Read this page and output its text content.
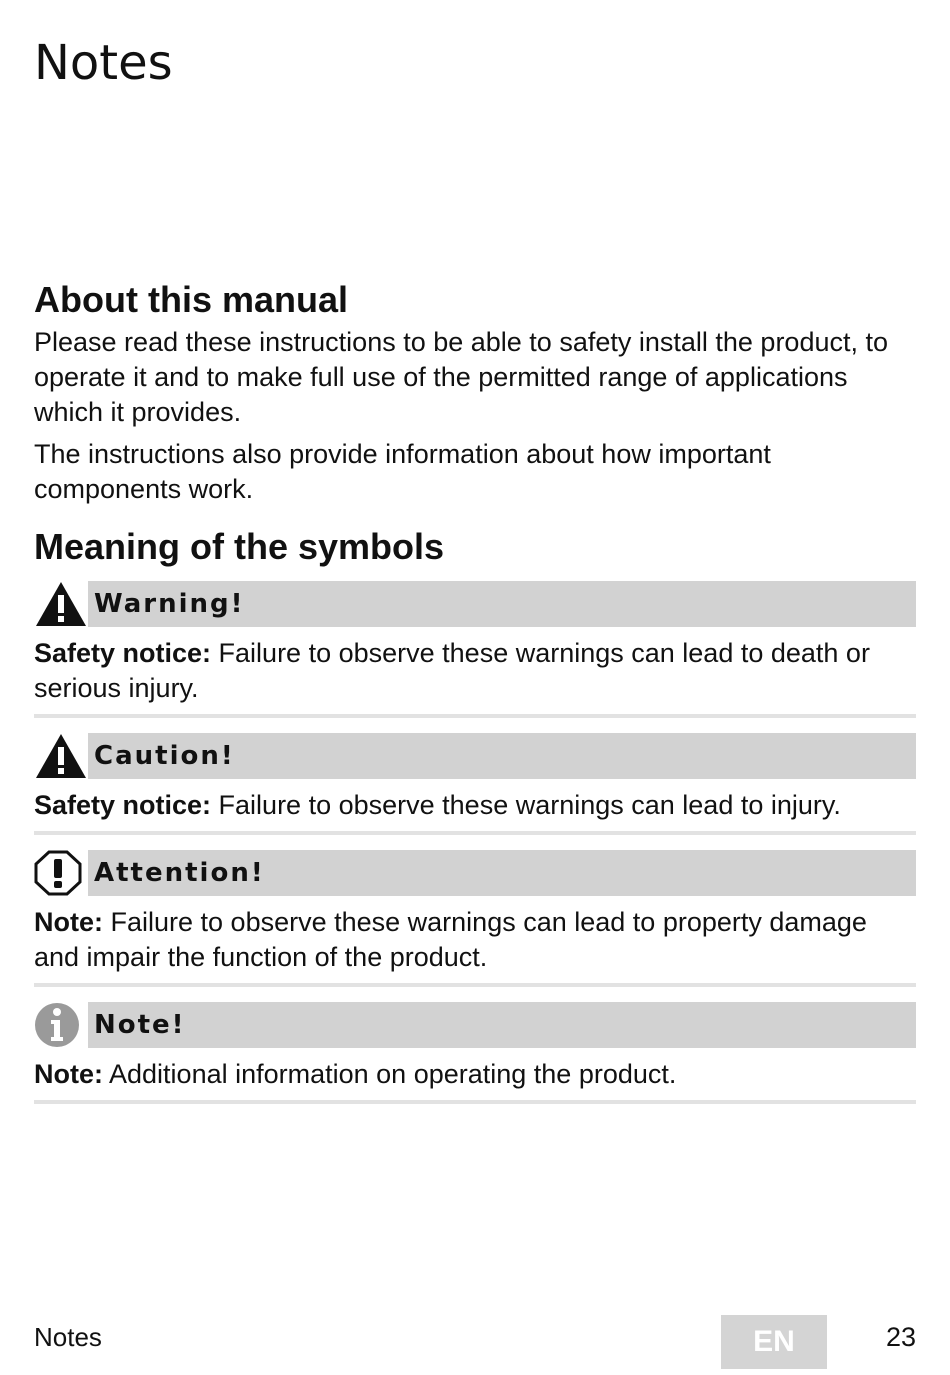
Notes
About this manual

Please read these instructions to be able to safety install the product, to operate it and to make full use of the permitted range of applications which it provides.

The instructions also provide information about how important components work.

Meaning of the symbols
Warning!

Safety notice: Failure to observe these warnings can lead to death or serious injury.

Caution!

Safety notice: Failure to observe these warnings can lead to injury.

Attention!

Note: Failure to observe these warnings can lead to property damage and impair the function of the product.

Note!

Note: Additional information on operating the product.

Notes	EN	23
